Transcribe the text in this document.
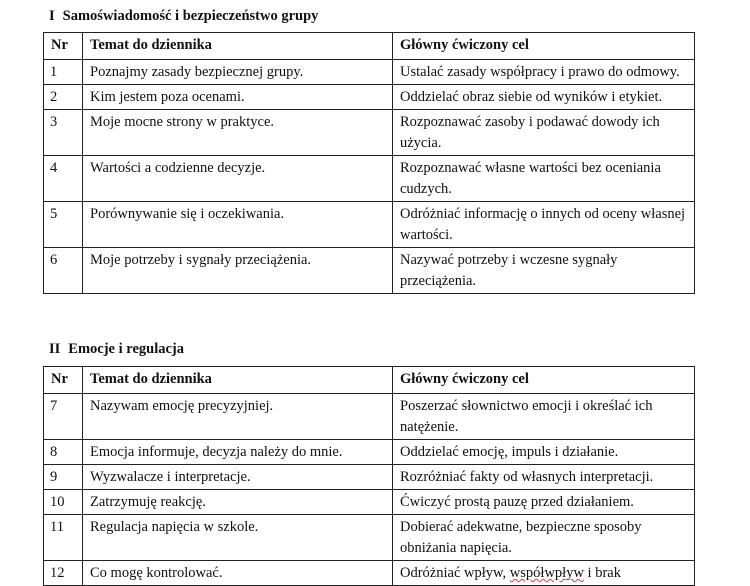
I Samoświadomość i bezpieczeństwo grupy
Nr	Temat do dziennika	Główny ćwiczony cel
1	Poznajmy zasady bezpiecznej grupy.	Ustalać zasady współpracy i prawo do odmowy.
2	Kim jestem poza ocenami.	Oddzielać obraz siebie od wyników i etykiet.
3	Moje mocne strony w praktyce.	Rozpoznawać zasoby i podawać dowody ich użycia.
4	Wartości a codzienne decyzje.	Rozpoznawać własne wartości bez oceniania cudzych.
5	Porównywanie się i oczekiwania.	Odróżniać informację o innych od oceny własnej wartości.
6	Moje potrzeby i sygnały przeciążenia.	Nazywać potrzeby i wczesne sygnały przeciążenia.
II Emocje i regulacja
Nr	Temat do dziennika	Główny ćwiczony cel
7	Nazywam emocję precyzyjniej.	Poszerzać słownictwo emocji i określać ich natężenie.
8	Emocja informuje, decyzja należy do mnie.	Oddzielać emocję, impuls i działanie.
9	Wyzwalacze i interpretacje.	Rozróżniać fakty od własnych interpretacji.
10	Zatrzymuję reakcję.	Ćwiczyć prostą pauzę przed działaniem.
11	Regulacja napięcia w szkole.	Dobierać adekwatne, bezpieczne sposoby obniżania napięcia.
12	Co mogę kontrolować.	Odróżniać wpływ, współwpływ i brak
